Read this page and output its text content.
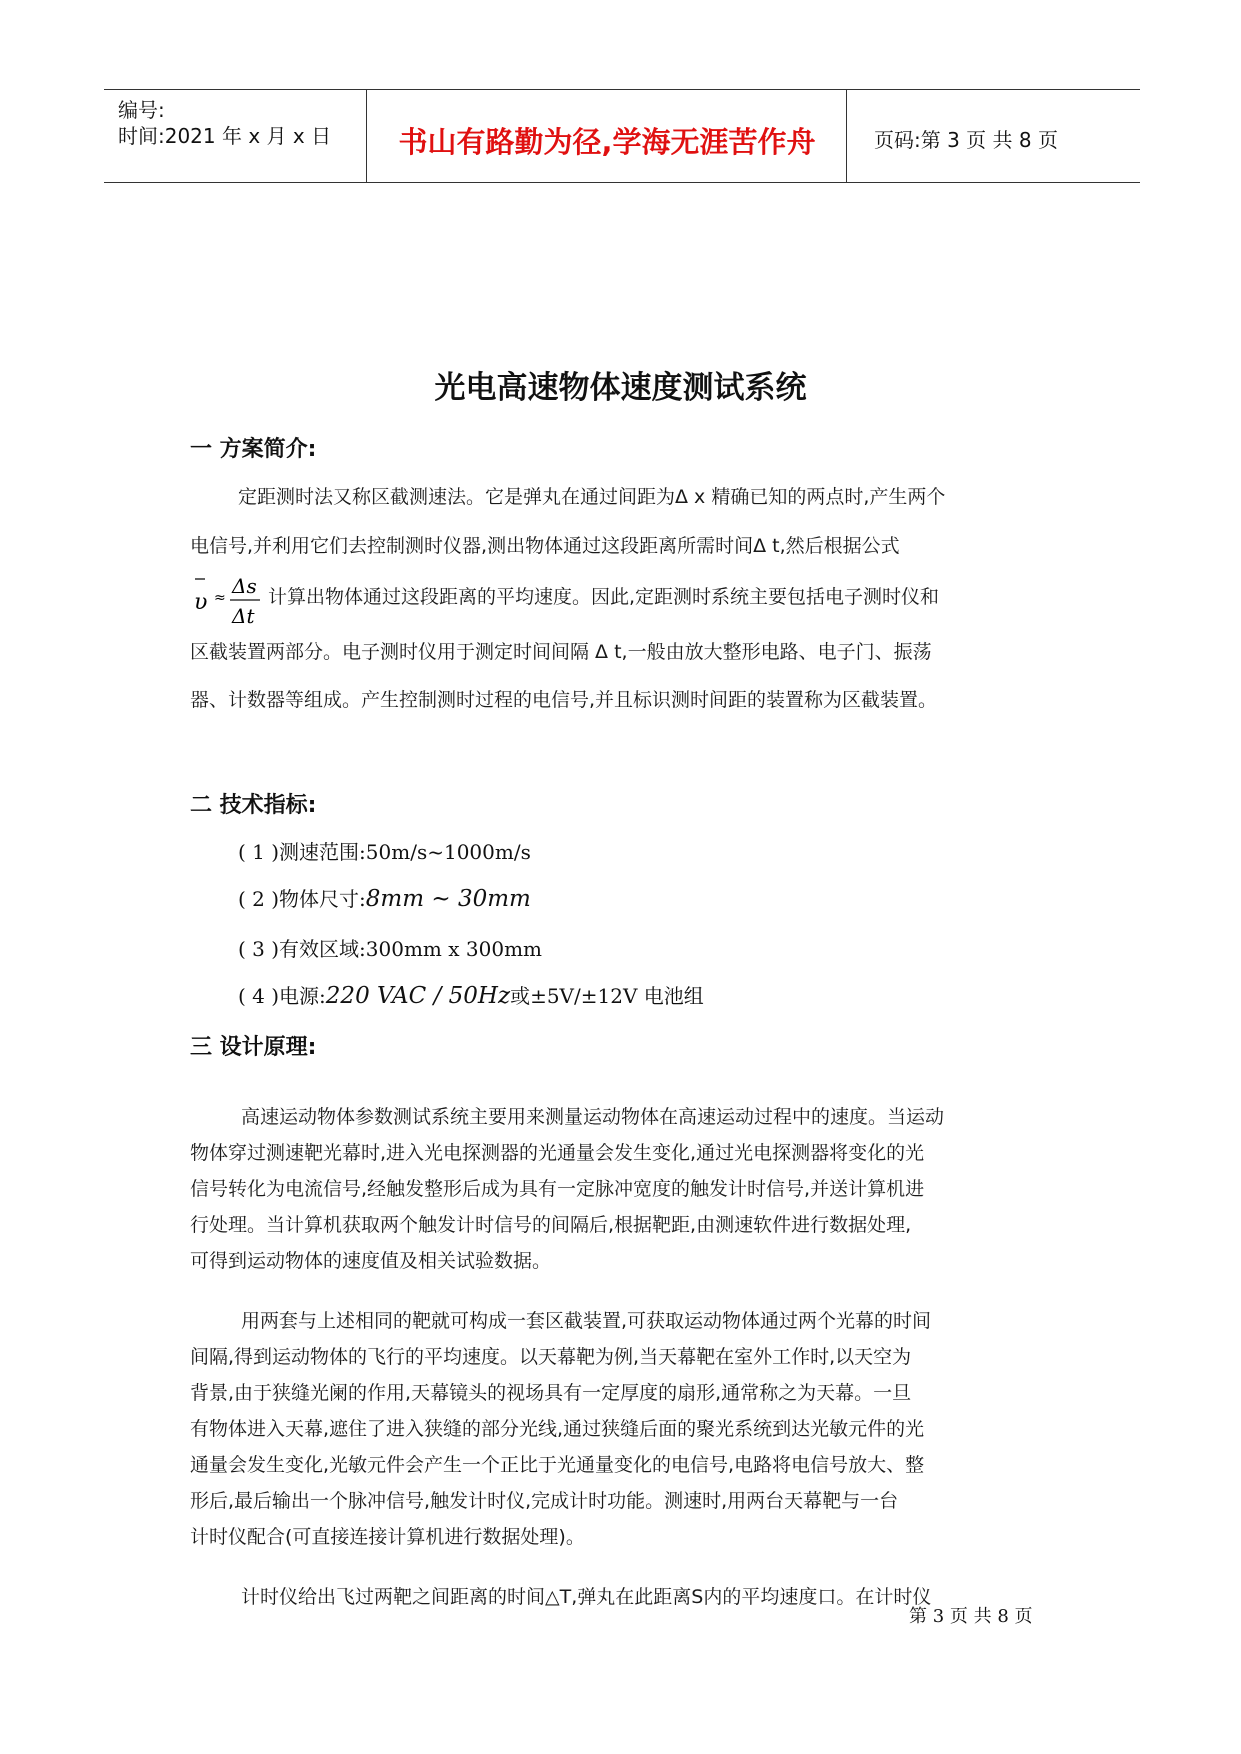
编号:
时间:2021 年 x 月 x 日	书山有路勤为径,学海无涯苦作舟	页码:第 3 页 共 8 页
光电高速物体速度测试系统
一 方案简介:
定距测时法又称区截测速法。它是弹丸在通过间距为Δ x 精确已知的两点时,产生两个
电信号,并利用它们去控制测时仪器,测出物体通过这段距离所需时间Δ t,然后根据公式
υ ≈ Δs
Δt
计算出物体通过这段距离的平均速度。因此,定距测时系统主要包括电子测时仪和
区截装置两部分。电子测时仪用于测定时间间隔 Δ t,一般由放大整形电路、电子门、振荡
器、计数器等组成。产生控制测时过程的电信号,并且标识测时间距的装置称为区截装置。
二 技术指标:
( 1 )测速范围:50m/s~1000m/s
( 2 )物体尺寸:8mm ~ 30mm
( 3 )有效区域:300mm x 300mm
( 4 )电源:220 VAC / 50Hz或±5V/±12V 电池组
三 设计原理:
高速运动物体参数测试系统主要用来测量运动物体在高速运动过程中的速度。当运动
物体穿过测速靶光幕时,进入光电探测器的光通量会发生变化,通过光电探测器将变化的光
信号转化为电流信号,经触发整形后成为具有一定脉冲宽度的触发计时信号,并送计算机进
行处理。当计算机获取两个触发计时信号的间隔后,根据靶距,由测速软件进行数据处理,
可得到运动物体的速度值及相关试验数据。
用两套与上述相同的靶就可构成一套区截装置,可获取运动物体通过两个光幕的时间
间隔,得到运动物体的飞行的平均速度。以天幕靶为例,当天幕靶在室外工作时,以天空为
背景,由于狭缝光阑的作用,天幕镜头的视场具有一定厚度的扇形,通常称之为天幕。一旦
有物体进入天幕,遮住了进入狭缝的部分光线,通过狭缝后面的聚光系统到达光敏元件的光
通量会发生变化,光敏元件会产生一个正比于光通量变化的电信号,电路将电信号放大、整
形后,最后输出一个脉冲信号,触发计时仪,完成计时功能。测速时,用两台天幕靶与一台
计时仪配合(可直接连接计算机进行数据处理)。
计时仪给出飞过两靶之间距离的时间△T,弹丸在此距离S内的平均速度口。在计时仪
第 3 页 共 8 页
